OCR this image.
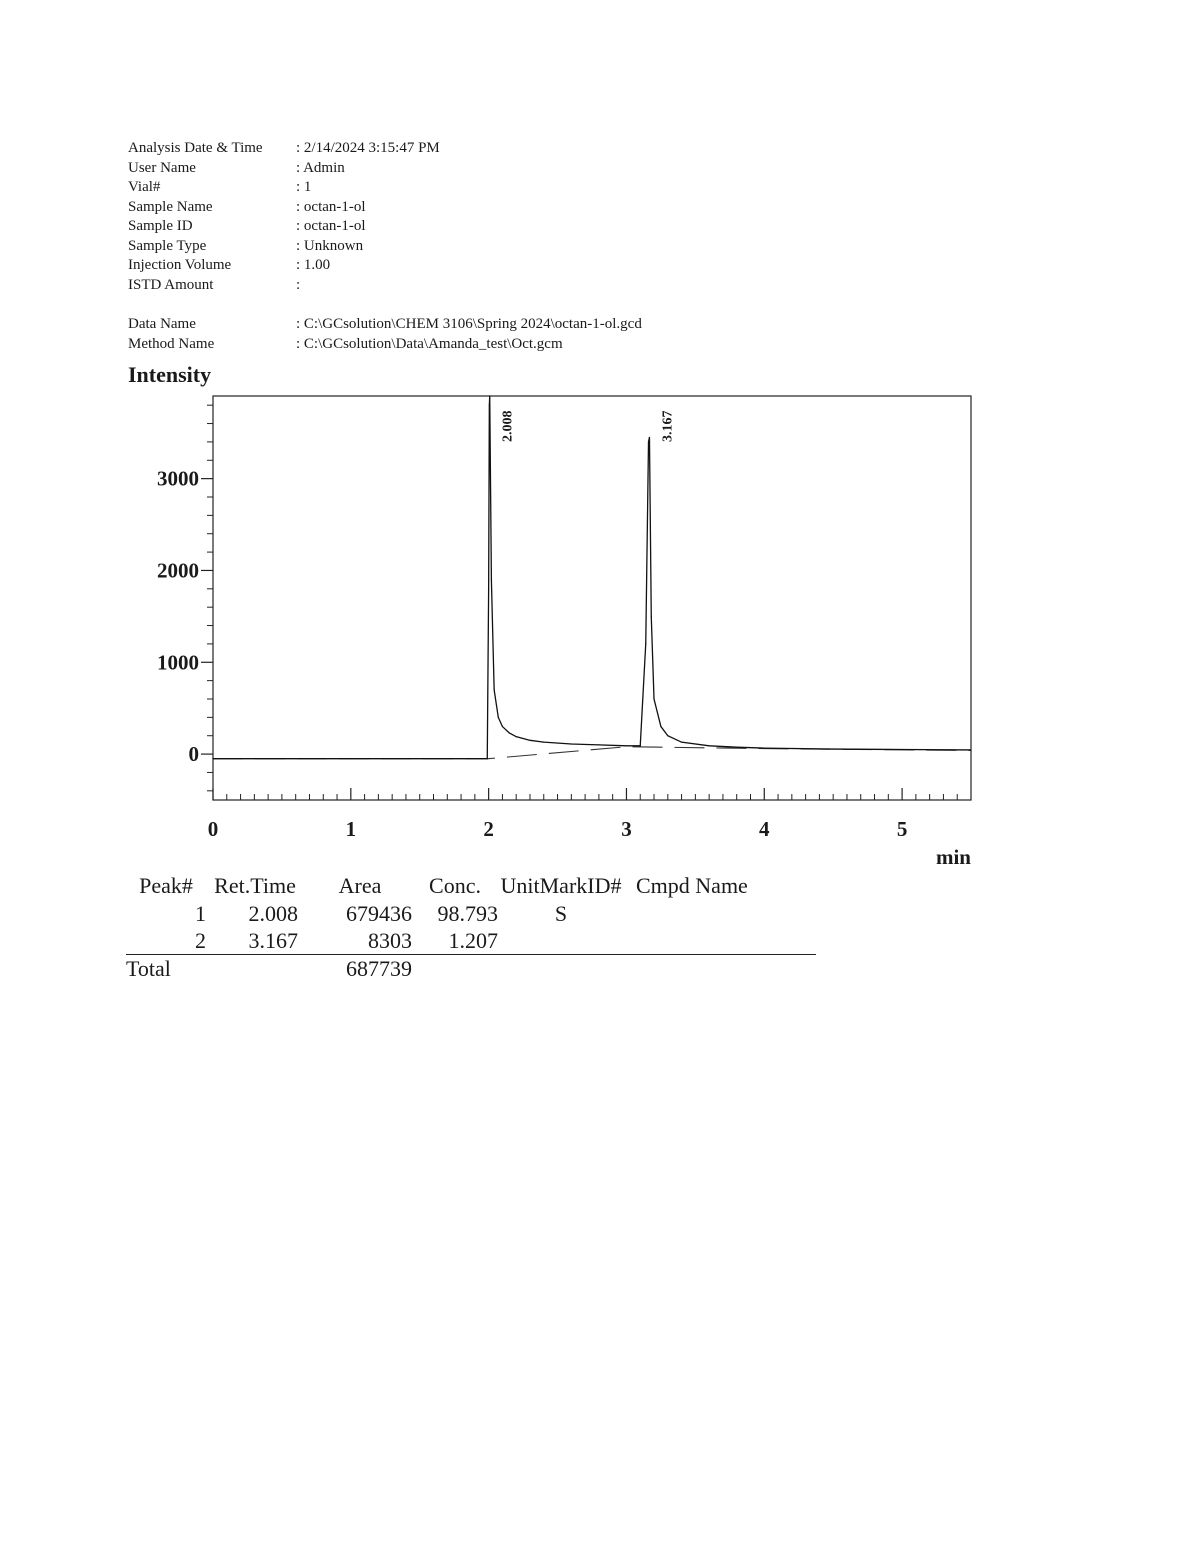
Analysis Date & Time : 2/14/2024 3:15:47 PM
User Name	: Admin
Vial#	: 1
Sample Name	: octan-1-ol
Sample ID	: octan-1-ol
Sample Type	: Unknown
Injection Volume	: 1.00
ISTD Amount	:
Data Name	: C:\GCsolution\CHEM 3106\Spring 2024\octan-1-ol.gcd
Method Name	: C:\GCsolution\Data\Amanda_test\Oct.gcm
Intensity
0
1000
2000
3000
0	1	2	3	4	5
min
2.008	3.167
Peak#	Ret.Time	Area	Conc.	UnitMarkID#	Cmpd Name
1	2.008	679436	98.793	S	
2	3.167	8303	1.207		
Total		687739			
